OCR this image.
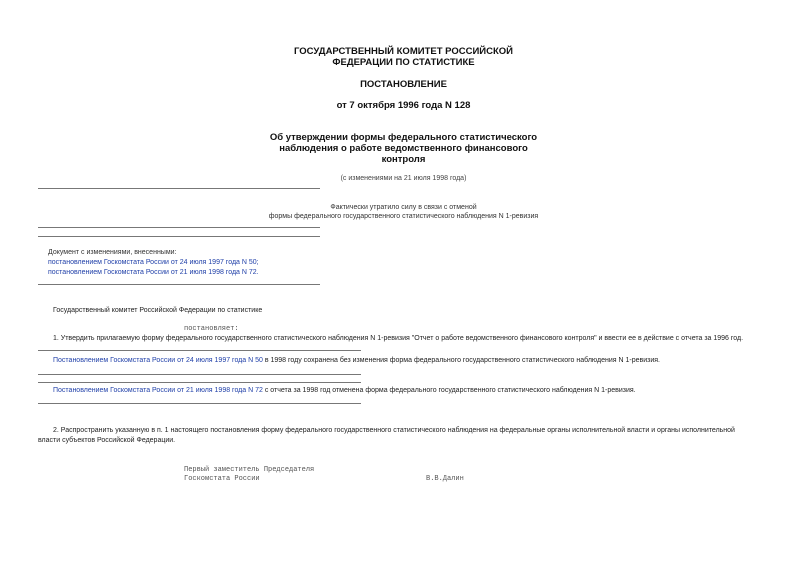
ГОСУДАРСТВЕННЫЙ КОМИТЕТ РОССИЙСКОЙ
ФЕДЕРАЦИИ ПО СТАТИСТИКЕ
ПОСТАНОВЛЕНИЕ
от 7 октября 1996 года N 128
Об утверждении формы федерального статистического
наблюдения о работе ведомственного финансового
контроля
(с изменениями на 21 июля 1998 года)
Фактически утратило силу в связи с отменой
формы федерального государственного статистического наблюдения N 1-ревизия
Документ с изменениями, внесенными:
постановлением Госкомстата России от 24 июля 1997 года N 50;
постановлением Госкомстата России от 21 июля 1998 года N 72.
Государственный комитет Российской Федерации по статистике
постановляет:
1. Утвердить прилагаемую форму федерального государственного статистического наблюдения N 1-ревизия "Отчет о работе ведомственного финансового контроля" и ввести ее в действие с отчета за 1996 год.
Постановлением Госкомстата России от 24 июля 1997 года N 50 в 1998 году сохранена без изменения форма федерального государственного статистического наблюдения N 1-ревизия.
Постановлением Госкомстата России от 21 июля 1998 года N 72 с отчета за 1998 год отменена форма федерального государственного статистического наблюдения N 1-ревизия.
2. Распространить указанную в п. 1 настоящего постановления форму федерального государственного статистического наблюдения на федеральные органы исполнительной власти и органы исполнительной
власти субъектов Российской Федерации.
Первый заместитель Председателя
Госкомстата России	В.В.Далин
